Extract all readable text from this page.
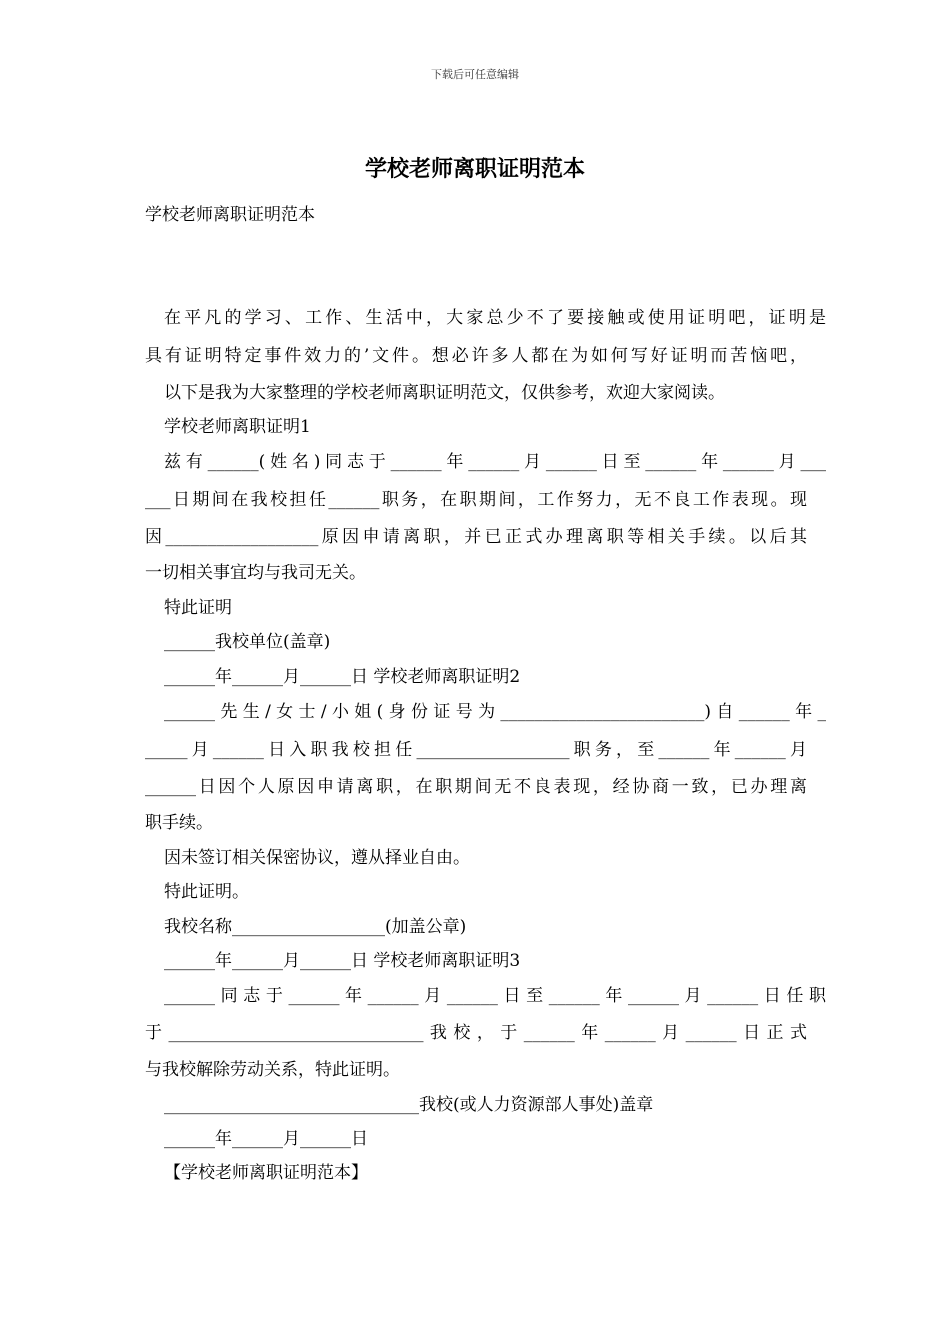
下载后可任意编辑
学校老师离职证明范本
学校老师离职证明范本
在平凡的学习、工作、生活中，大家总少不了要接触或使用证明吧，证明是
具有证明特定事件效力的’文件。想必许多人都在为如何写好证明而苦恼吧，
以下是我为大家整理的学校老师离职证明范文，仅供参考，欢迎大家阅读。
学校老师离职证明1
兹有______(姓名)同志于______年______月______日至______年______月___
___日期间在我校担任______职务，在职期间，工作努力，无不良工作表现。现
因__________________原因申请离职，并已正式办理离职等相关手续。以后其
一切相关事宜均与我司无关。
特此证明
______我校单位(盖章)
______年______月______日 学校老师离职证明2
______先生/女士/小姐(身份证号为________________________)自______年_
_____月______日入职我校担任__________________职务，至______年______月
______日因个人原因申请离职，在职期间无不良表现，经协商一致，已办理离
职手续。
因未签订相关保密协议，遵从择业自由。
特此证明。
我校名称__________________(加盖公章)
______年______月______日 学校老师离职证明3
______同志于______年______月______日至______年______月______日任职
于______________________________我校，于______年______月______日正式
与我校解除劳动关系，特此证明。
______________________________我校(或人力资源部人事处)盖章
______年______月______日
【学校老师离职证明范本】
